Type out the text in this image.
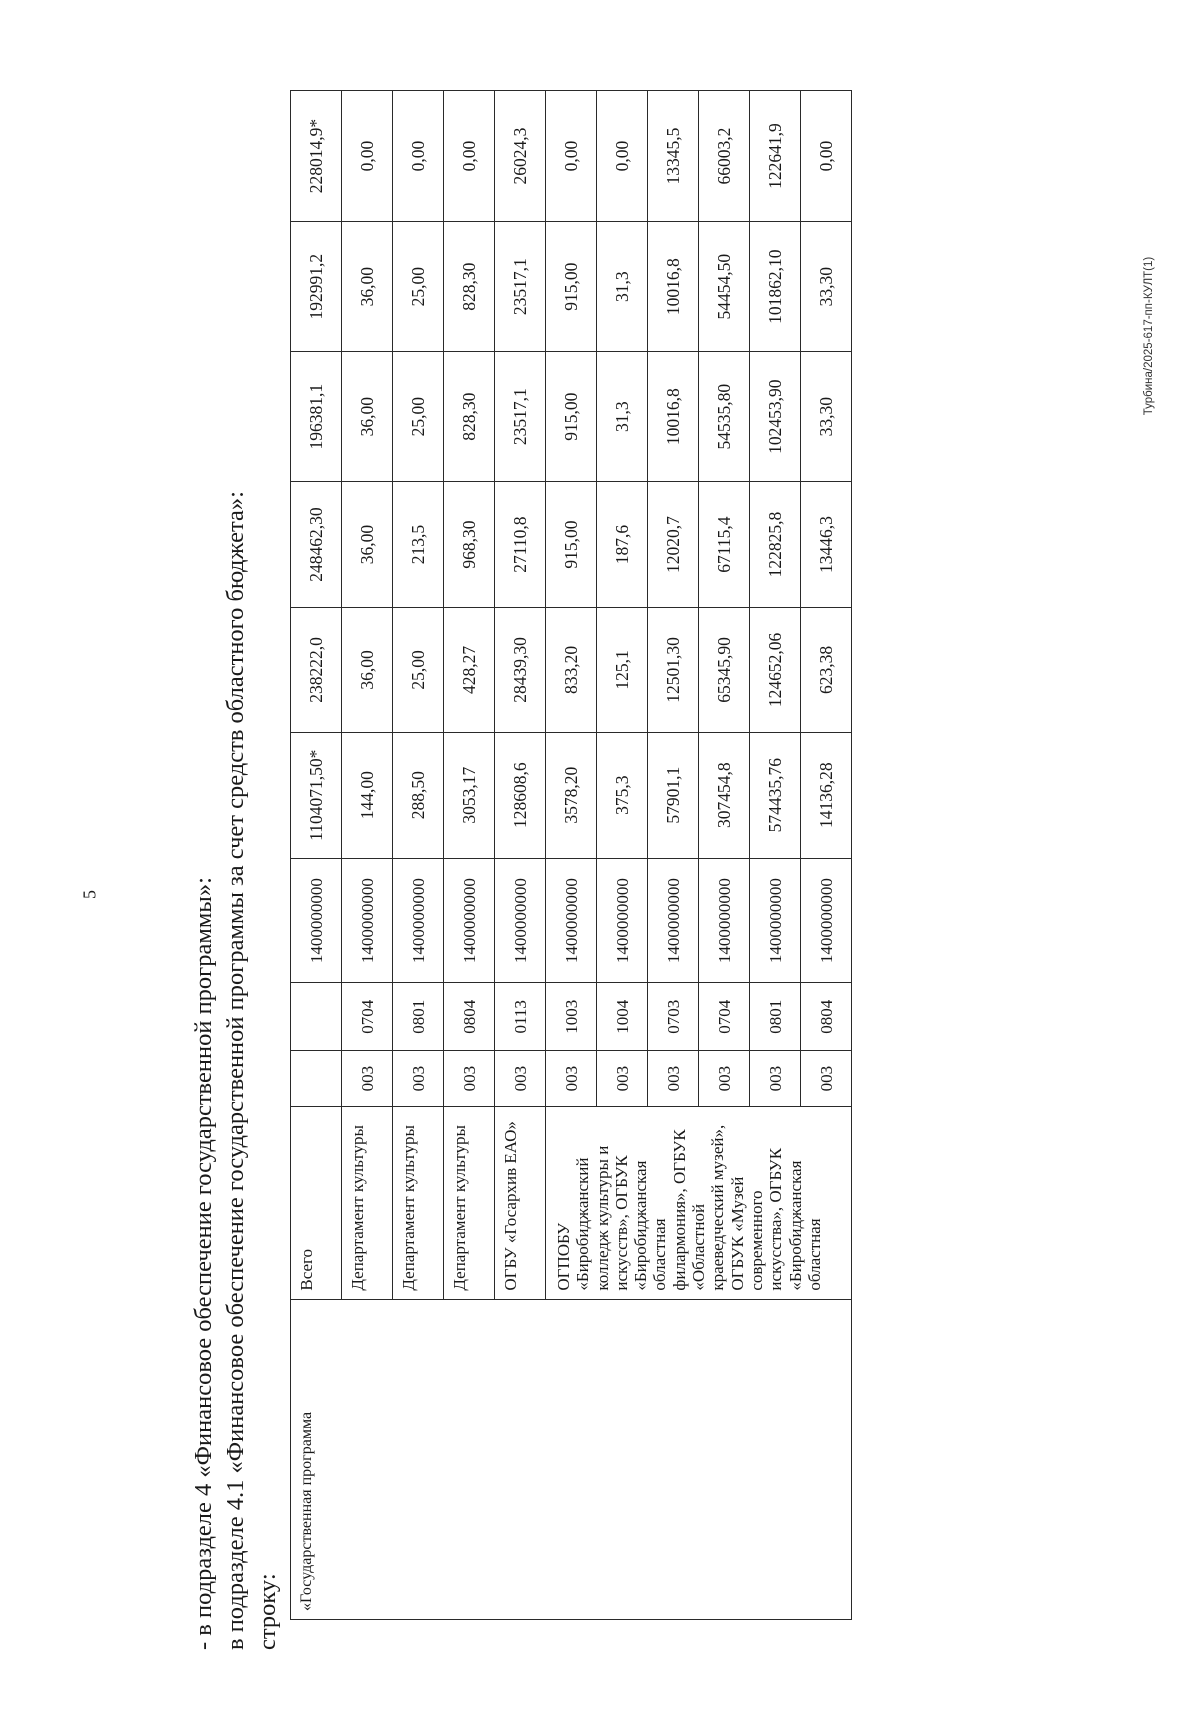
5
Турбина/2025-617-пп-КУЛТ(1)
- в подразделе 4 «Финансовое обеспечение государственной программы»: в подразделе 4.1 «Финансовое обеспечение государственной программы за счет средств областного бюджета»: строку:
«Государственная программа	Всего			1400000000	1104071,50*	238222,0	248462,30	196381,1	192991,2	228014,9*
	Департамент культуры	003	0704	1400000000	144,00	36,00	36,00	36,00	36,00	0,00
	Департамент культуры	003	0801	1400000000	288,50	25,00	213,5	25,00	25,00	0,00
	Департамент культуры	003	0804	1400000000	3053,17	428,27	968,30	828,30	828,30	0,00
	ОГБУ «Госархив ЕАО»	003	0113	1400000000	128608,6	28439,30	27110,8	23517,1	23517,1	26024,3
	ОГПОБУ «Биробиджанский колледж культуры и искусств», ОГБУК «Биробиджанская областная филармония», ОГБУК «Областной краеведческий музей», ОГБУК «Музей современного искусства», ОГБУК «Биробиджанская областная	003	1003	1400000000	3578,20	833,20	915,00	915,00	915,00	0,00
		003	1004	1400000000	375,3	125,1	187,6	31,3	31,3	0,00
		003	0703	1400000000	57901,1	12501,30	12020,7	10016,8	10016,8	13345,5
		003	0704	1400000000	307454,8	65345,90	67115,4	54535,80	54454,50	66003,2
		003	0801	1400000000	574435,76	124652,06	122825,8	102453,90	101862,10	122641,9
		003	0804	1400000000	14136,28	623,38	13446,3	33,30	33,30	0,00
